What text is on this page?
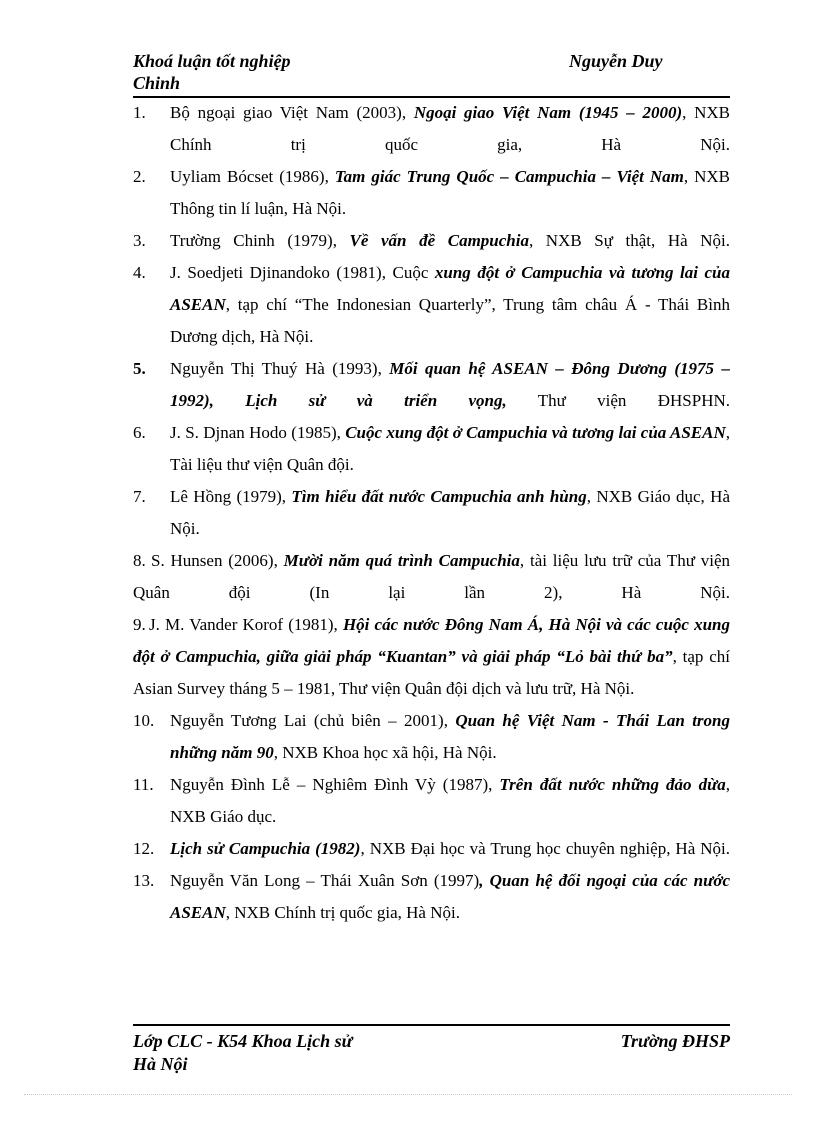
Khoá luận tốt nghiệp	Nguyễn Duy
Chinh
1.	Bộ ngoại giao Việt Nam (2003), Ngoại giao Việt Nam (1945 – 2000), NXB Chính trị quốc gia, Hà Nội.
2.	Uyliam Bócset (1986), Tam giác Trung Quốc – Campuchia – Việt Nam, NXB Thông tin lí luận, Hà Nội.
3.	Trường Chinh (1979), Về vấn đề Campuchia, NXB Sự thật, Hà Nội.
4.	J. Soedjeti Djinandoko (1981), Cuộc xung đột ở Campuchia và tương lai của ASEAN, tạp chí “The Indonesian Quarterly”, Trung tâm châu Á - Thái Bình Dương dịch, Hà Nội.
5.	Nguyễn Thị Thuý Hà (1993), Mối quan hệ ASEAN – Đông Dương (1975 – 1992), Lịch sử và triển vọng, Thư viện ĐHSPHN.
6.	J. S. Djnan Hodo (1985), Cuộc xung đột ở Campuchia và tương lai của ASEAN, Tài liệu thư viện Quân đội.
7.	Lê Hồng (1979), Tìm hiểu đất nước Campuchia anh hùng, NXB Giáo dục, Hà Nội.
8. S. Hunsen (2006), Mười năm quá trình Campuchia, tài liệu lưu trữ của Thư viện Quân đội (In lại lần 2), Hà Nội.
9. J. M. Vander Korof (1981), Hội các nước Đông Nam Á, Hà Nội và các cuộc xung đột ở Campuchia, giữa giải pháp “Kuantan” và giải pháp “Lỏ bài thứ ba”, tạp chí Asian Survey tháng 5 – 1981, Thư viện Quân đội dịch và lưu trữ, Hà Nội.
10. Nguyễn Tương Lai (chủ biên – 2001), Quan hệ Việt Nam - Thái Lan trong những năm 90, NXB Khoa học xã hội, Hà Nội.
11. Nguyễn Đình Lễ – Nghiêm Đình Vỳ (1987), Trên đất nước những đảo dừa, NXB Giáo dục.
12. Lịch sử Campuchia (1982), NXB Đại học và Trung học chuyên nghiệp, Hà Nội.
13. Nguyễn Văn Long – Thái Xuân Sơn (1997), Quan hệ đối ngoại của các nước ASEAN, NXB Chính trị quốc gia, Hà Nội.
Lớp CLC - K54 Khoa Lịch sử	Trường ĐHSP
Hà Nội
